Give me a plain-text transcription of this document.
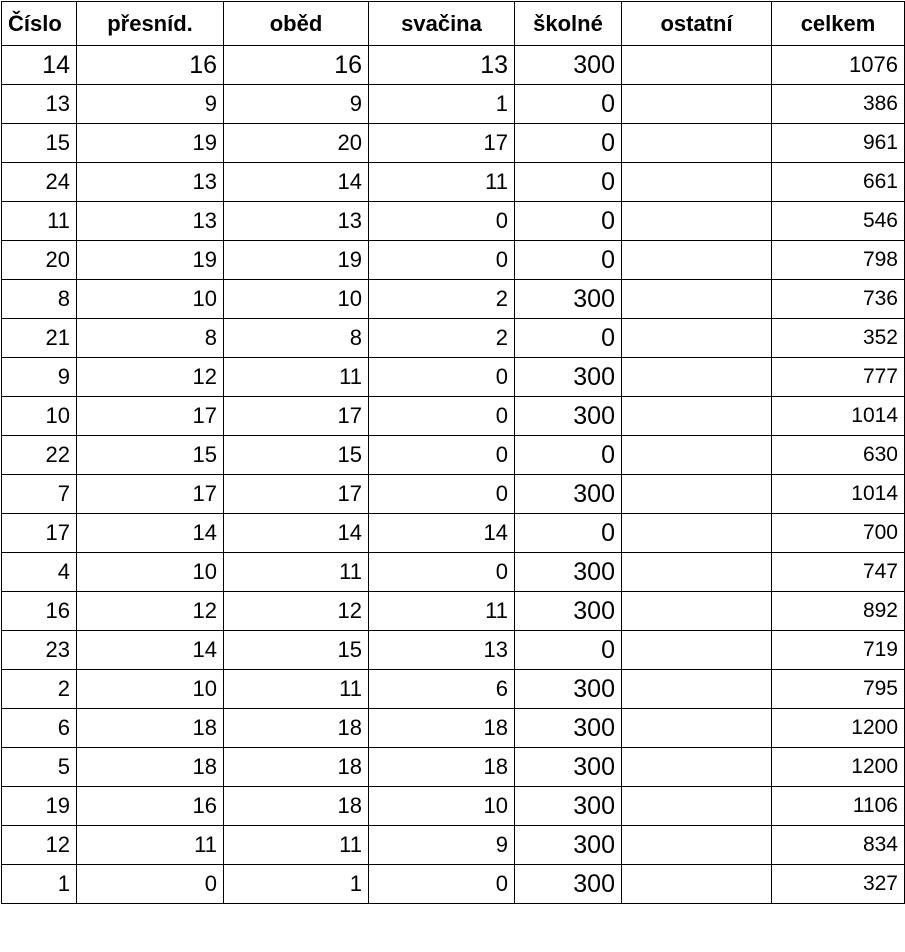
Číslo	přesníd.	oběd	svačina	školné	ostatní	celkem
14	16	16	13	300		1076
13	9	9	1	0		386
15	19	20	17	0		961
24	13	14	11	0		661
11	13	13	0	0		546
20	19	19	0	0		798
8	10	10	2	300		736
21	8	8	2	0		352
9	12	11	0	300		777
10	17	17	0	300		1014
22	15	15	0	0		630
7	17	17	0	300		1014
17	14	14	14	0		700
4	10	11	0	300		747
16	12	12	11	300		892
23	14	15	13	0		719
2	10	11	6	300		795
6	18	18	18	300		1200
5	18	18	18	300		1200
19	16	18	10	300		1106
12	11	11	9	300		834
1	0	1	0	300		327
